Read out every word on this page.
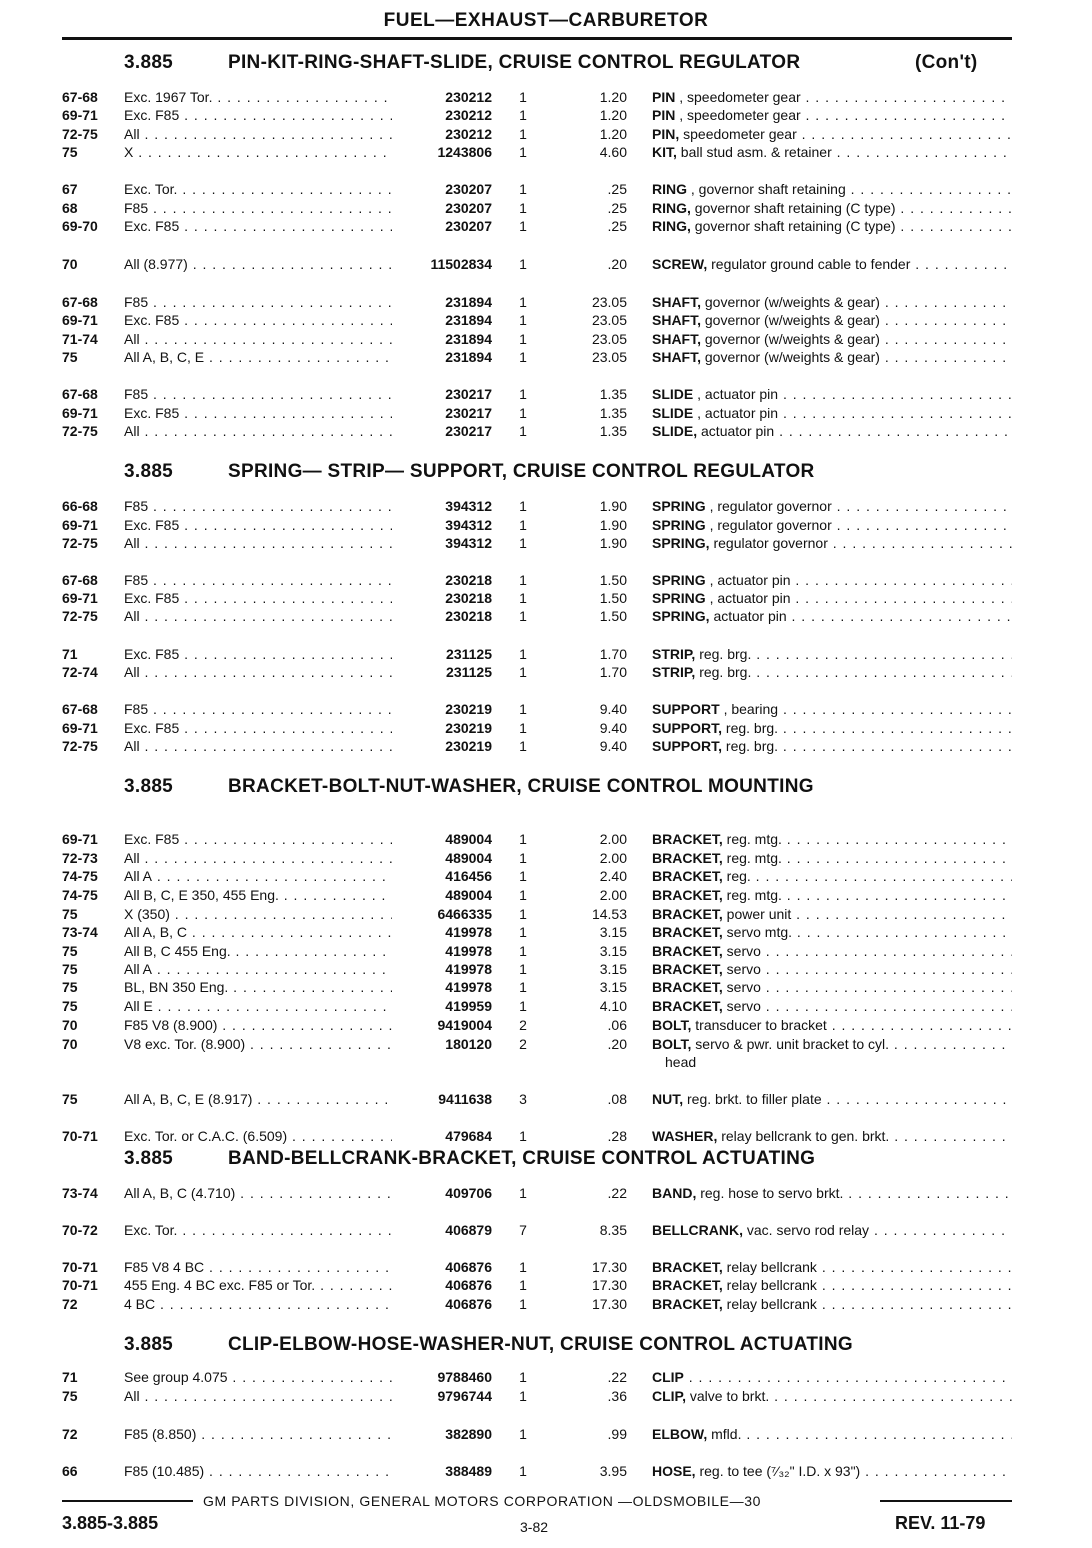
FUEL—EXHAUST—CARBURETOR
3.885	PIN-KIT-RING-SHAFT-SLIDE, CRUISE CONTROL REGULATOR	(Con't)
67-68 Exc. 1967 Tor. . . .	230212 1	1.20 PIN , speedometer gear . . .
69-71 Exc. F85 . . .	230212 1	1.20 PIN , speedometer gear . . .
72-75 All . . .	230212 1	1.20 PIN, speedometer gear . . .
75	X . . .	1243806 1	4.60 KIT, ball stud asm. & retainer . . .
67	Exc. Tor. . . .	230207 1	.25 RING , governor shaft retaining . . .
68	F85 . . .	230207 1	.25 RING, governor shaft retaining (C type) . . .
69-70 Exc. F85 . . .	230207 1	.25 RING, governor shaft retaining (C type) . . .
70	All (8.977) . . .	11502834 1	.20 SCREW, regulator ground cable to fender . . .
67-68 F85 . . .	231894 1	23.05 SHAFT, governor (w/weights & gear) . . .
69-71 Exc. F85 . . .	231894 1	23.05 SHAFT, governor (w/weights & gear) . . .
71-74 All . . .	231894 1	23.05 SHAFT, governor (w/weights & gear) . . .
75	All A, B, C, E . . .	231894 1	23.05 SHAFT, governor (w/weights & gear) . . .
67-68 F85 . . .	230217 1	1.35 SLIDE , actuator pin . . .
69-71 Exc. F85 . . .	230217 1	1.35 SLIDE , actuator pin . . .
72-75 All . . .	230217 1	1.35 SLIDE, actuator pin . . .
3.885	SPRING— STRIP— SUPPORT, CRUISE CONTROL REGULATOR
66-68 F85 . . .	394312 1	1.90 SPRING , regulator governor . . .
69-71 Exc. F85 . . .	394312 1	1.90 SPRING , regulator governor . . .
72-75 All . . .	394312 1	1.90 SPRING, regulator governor . . .
67-68 F85 . . .	230218 1	1.50 SPRING , actuator pin . . .
69-71 Exc. F85 . . .	230218 1	1.50 SPRING , actuator pin . . .
72-75 All . . .	230218 1	1.50 SPRING, actuator pin . . .
71	Exc. F85 . . .	231125 1	1.70 STRIP, reg. brg. . . .
72-74 All . . .	231125 1	1.70 STRIP, reg. brg. . . .
67-68 F85 . . .	230219 1	9.40 SUPPORT , bearing . . .
69-71 Exc. F85 . . .	230219 1	9.40 SUPPORT, reg. brg. . . .
72-75 All . . .	230219 1	9.40 SUPPORT, reg. brg. . . .
3.885	BRACKET-BOLT-NUT-WASHER, CRUISE CONTROL MOUNTING
69-71 Exc. F85 . . .	489004 1	2.00 BRACKET, reg. mtg. . . .
72-73 All . . .	489004 1	2.00 BRACKET, reg. mtg. . . .
74-75 All A . . .	416456 1	2.40 BRACKET, reg. . . .
74-75 All B, C, E 350, 455 Eng. . . .	489004 1	2.00 BRACKET, reg. mtg. . . .
75	X (350) . . .	6466335 1	14.53 BRACKET, power unit . . .
73-74 All A, B, C . . .	419978 1	3.15 BRACKET, servo mtg. . . .
75	All B, C 455 Eng. . . .	419978 1	3.15 BRACKET, servo . . .
75	All A . . .	419978 1	3.15 BRACKET, servo . . .
75	BL, BN 350 Eng. . . .	419978 1	3.15 BRACKET, servo . . .
75	All E . . .	419959 1	4.10 BRACKET, servo . . .
70	F85 V8 (8.900) . . .	9419004 2	.06 BOLT, transducer to bracket . . .
70	V8 exc. Tor. (8.900) . . .	180120 2	.20 BOLT, servo & pwr. unit bracket to cyl. . . .
head
75	All A, B, C, E (8.917) . . .	9411638 3	.08 NUT, reg. brkt. to filler plate . . .
70-71 Exc. Tor. or C.A.C. (6.509) . . .	479684 1	.28 WASHER, relay bellcrank to gen. brkt. . . .
3.885	BAND-BELLCRANK-BRACKET, CRUISE CONTROL ACTUATING
73-74 All A, B, C (4.710) . . .	409706 1	.22 BAND, reg. hose to servo brkt. . . .
70-72 Exc. Tor. . . .	406879 7	8.35 BELLCRANK, vac. servo rod relay . . .
70-71 F85 V8 4 BC . . .	406876 1	17.30 BRACKET, relay bellcrank . . .
70-71 455 Eng. 4 BC exc. F85 or Tor. . . .	406876 1	17.30 BRACKET, relay bellcrank . . .
72	4 BC . . .	406876 1	17.30 BRACKET, relay bellcrank . . .
3.885	CLIP-ELBOW-HOSE-WASHER-NUT, CRUISE CONTROL ACTUATING
71	See group 4.075 . . .	9788460 1	.22 CLIP . . .
75	All . . .	9796744 1	.36 CLIP, valve to brkt. . . .
72	F85 (8.850) . . .	382890 1	.99 ELBOW, mfld. . . .
66	F85 (10.485) . . .	388489 1	3.95 HOSE, reg. to tee (⁷⁄₃₂" I.D. x 93") . . .
GM PARTS DIVISION, GENERAL MOTORS CORPORATION —OLDSMOBILE—30
3.885-3.885	3-82	REV. 11-79
